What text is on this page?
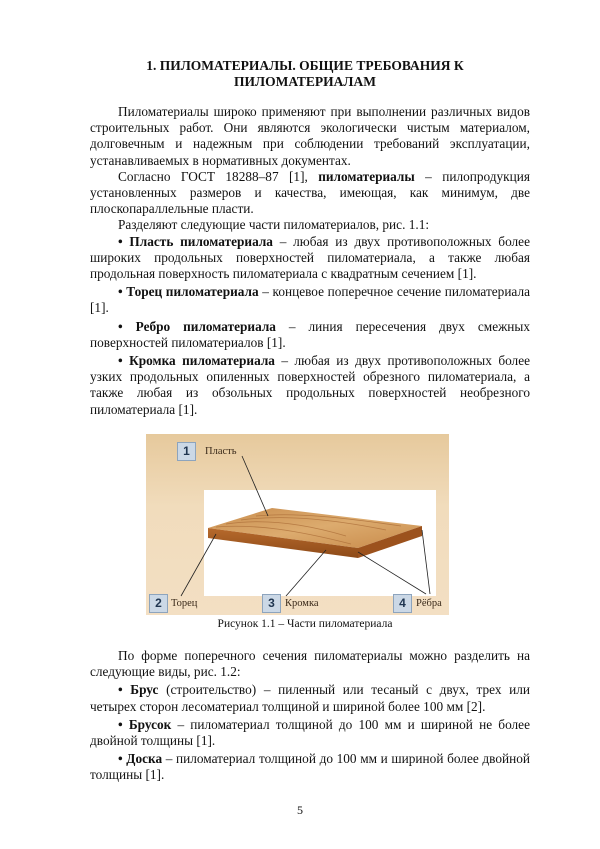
1. ПИЛОМАТЕРИАЛЫ. ОБЩИЕ ТРЕБОВАНИЯ К
ПИЛОМАТЕРИАЛАМ

Пиломатериалы широко применяют при выполнении различных видов строительных работ. Они являются экологически чистым материалом, долговечным и надежным при соблюдении требований эксплуатации, устанавливаемых в нормативных документах.

Согласно ГОСТ 18288–87 [1], пиломатериалы – пилопродукция установленных размеров и качества, имеющая, как минимум, две плоскопараллельные пласти.

Разделяют следующие части пиломатериалов, рис. 1.1:

• Пласть пиломатериала – любая из двух противоположных более широких продольных поверхностей пиломатериала, а также любая продольная поверхность пиломатериала с квадратным сечением [1].

• Торец пиломатериала – концевое поперечное сечение пиломатериала [1].

• Ребро пиломатериала – линия пересечения двух смежных поверхностей пиломатериалов [1].

• Кромка пиломатериала – любая из двух противоположных более узких продольных опиленных поверхностей обрезного пиломатериала, а также любая из обзольных продольных поверхностей необрезного пиломатериала [1].

1	Пласть
2 Торец	3 Кромка	4 Рёбра
Рисунок 1.1 – Части пиломатериала

По форме поперечного сечения пиломатериалы можно разделить на следующие виды, рис. 1.2:

• Брус (строительство) – пиленный или тесаный с двух, трех или четырех сторон лесоматериал толщиной и шириной более 100 мм [2].

• Брусок – пиломатериал толщиной до 100 мм и шириной не более двойной толщины [1].

• Доска – пиломатериал толщиной до 100 мм и шириной более двойной толщины [1].

5
